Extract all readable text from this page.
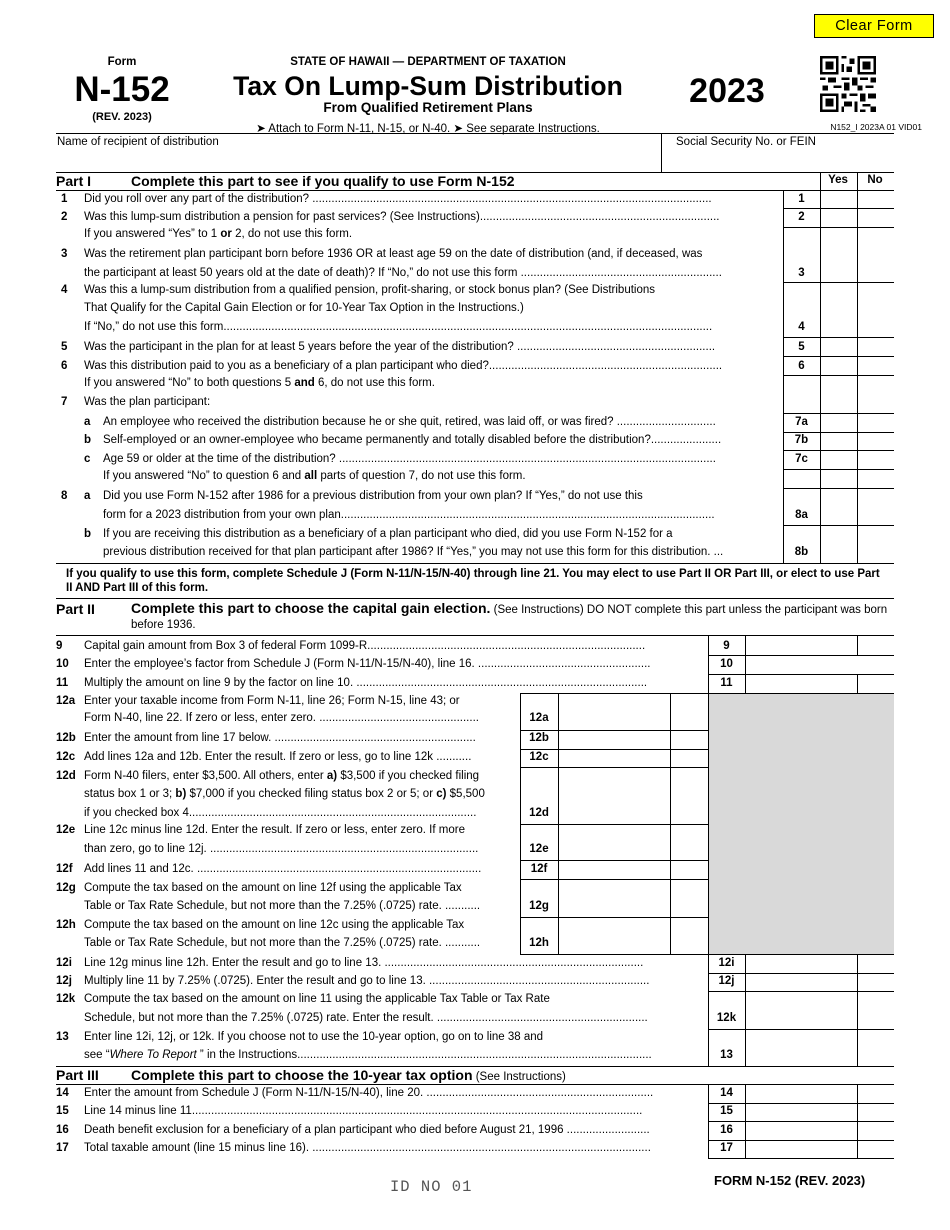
Clear Form
Form
N-152
(REV. 2023)
STATE OF HAWAII — DEPARTMENT OF TAXATION
Tax On Lump-Sum Distribution
From Qualified Retirement Plans
➤ Attach to Form N-11, N-15, or N-40. ➤ See separate Instructions.
2023
N152_I 2023A 01 VID01
Name of recipient of distribution	Social Security No. or FEIN
Part I	Complete this part to see if you qualify to use Form N-152	Yes	No
1 Did you roll over any part of the distribution? .............................................................................................................................	1
2 Was this lump-sum distribution a pension for past services? (See Instructions)...........................................................................	2
If you answered “Yes” to 1 or 2, do not use this form.
3 Was the retirement plan participant born before 1936 OR at least age 59 on the date of distribution (and, if deceased, was
the participant at least 50 years old at the date of death)? If “No,” do not use this form ...............................................................	3
4 Was this a lump-sum distribution from a qualified pension, profit-sharing, or stock bonus plan? (See Distributions
That Qualify for the Capital Gain Election or for 10-Year Tax Option in the Instructions.)
If “No,” do not use this form.........................................................................................................................................................	4
5 Was the participant in the plan for at least 5 years before the year of the distribution? ..............................................................	5
6 Was this distribution paid to you as a beneficiary of a plan participant who died?.........................................................................	6
If you answered “No” to both questions 5 and 6, do not use this form.
7 Was the plan participant:
a An employee who received the distribution because he or she quit, retired, was laid off, or was fired? ...............................	7a
b Self-employed or an owner-employee who became permanently and totally disabled before the distribution?......................	7b
c Age 59 or older at the time of the distribution? ......................................................................................................................	7c
If you answered “No” to question 6 and all parts of question 7, do not use this form.
8 a Did you use Form N-152 after 1986 for a previous distribution from your own plan? If “Yes,” do not use this
form for a 2023 distribution from your own plan.....................................................................................................................	8a
b If you are receiving this distribution as a beneficiary of a plan participant who died, did you use Form N-152 for a
previous distribution received for that plan participant after 1986? If “Yes,” you may not use this form for this distribution. ...	8b
If you qualify to use this form, complete Schedule J (Form N-11/N-15/N-40) through line 21. You may elect to use Part II OR Part III, or elect to use Part II AND Part III of this form.
Part II	Complete this part to choose the capital gain election. (See Instructions) DO NOT complete this part unless the participant was born before 1936.
9 Capital gain amount from Box 3 of federal Form 1099-R.......................................................................................	9
10 Enter the employee’s factor from Schedule J (Form N-11/N-15/N-40), line 16. ......................................................	10
11 Multiply the amount on line 9 by the factor on line 10. ...........................................................................................	11
12a Enter your taxable income from Form N-11, line 26; Form N-15, line 43; or
Form N-40, line 22. If zero or less, enter zero. ..................................................	12a
12b Enter the amount from line 17 below. ...............................................................	12b
12c Add lines 12a and 12b. Enter the result. If zero or less, go to line 12k ...........	12c
12d Form N-40 filers, enter $3,500. All others, enter a) $3,500 if you checked filing
status box 1 or 3; b) $7,000 if you checked filing status box 2 or 5; or c) $5,500
if you checked box 4..........................................................................................	12d
12e Line 12c minus line 12d. Enter the result. If zero or less, enter zero. If more
than zero, go to line 12j. ....................................................................................	12e
12f Add lines 11 and 12c. .........................................................................................	12f
12g Compute the tax based on the amount on line 12f using the applicable Tax
Table or Tax Rate Schedule, but not more than the 7.25% (.0725) rate. ...........	12g
12h Compute the tax based on the amount on line 12c using the applicable Tax
Table or Tax Rate Schedule, but not more than the 7.25% (.0725) rate. ...........	12h
12i Line 12g minus line 12h. Enter the result and go to line 13. .................................................................................	12i
12j Multiply line 11 by 7.25% (.0725). Enter the result and go to line 13. .....................................................................	12j
12k Compute the tax based on the amount on line 11 using the applicable Tax Table or Tax Rate
Schedule, but not more than the 7.25% (.0725) rate. Enter the result. ..................................................................	12k
13 Enter line 12i, 12j, or 12k. If you choose not to use the 10-year option, go on to line 38 and
see “Where To Report ” in the Instructions...............................................................................................................	13
Part III Complete this part to choose the 10-year tax option (See Instructions)
14 Enter the amount from Schedule J (Form N-11/N-15/N-40), line 20. .......................................................................	14
15 Line 14 minus line 11.............................................................................................................................................	15
16 Death benefit exclusion for a beneficiary of a plan participant who died before August 21, 1996 ..........................	16
17 Total taxable amount (line 15 minus line 16). ..........................................................................................................	17
ID NO 01	FORM N-152 (REV. 2023)
